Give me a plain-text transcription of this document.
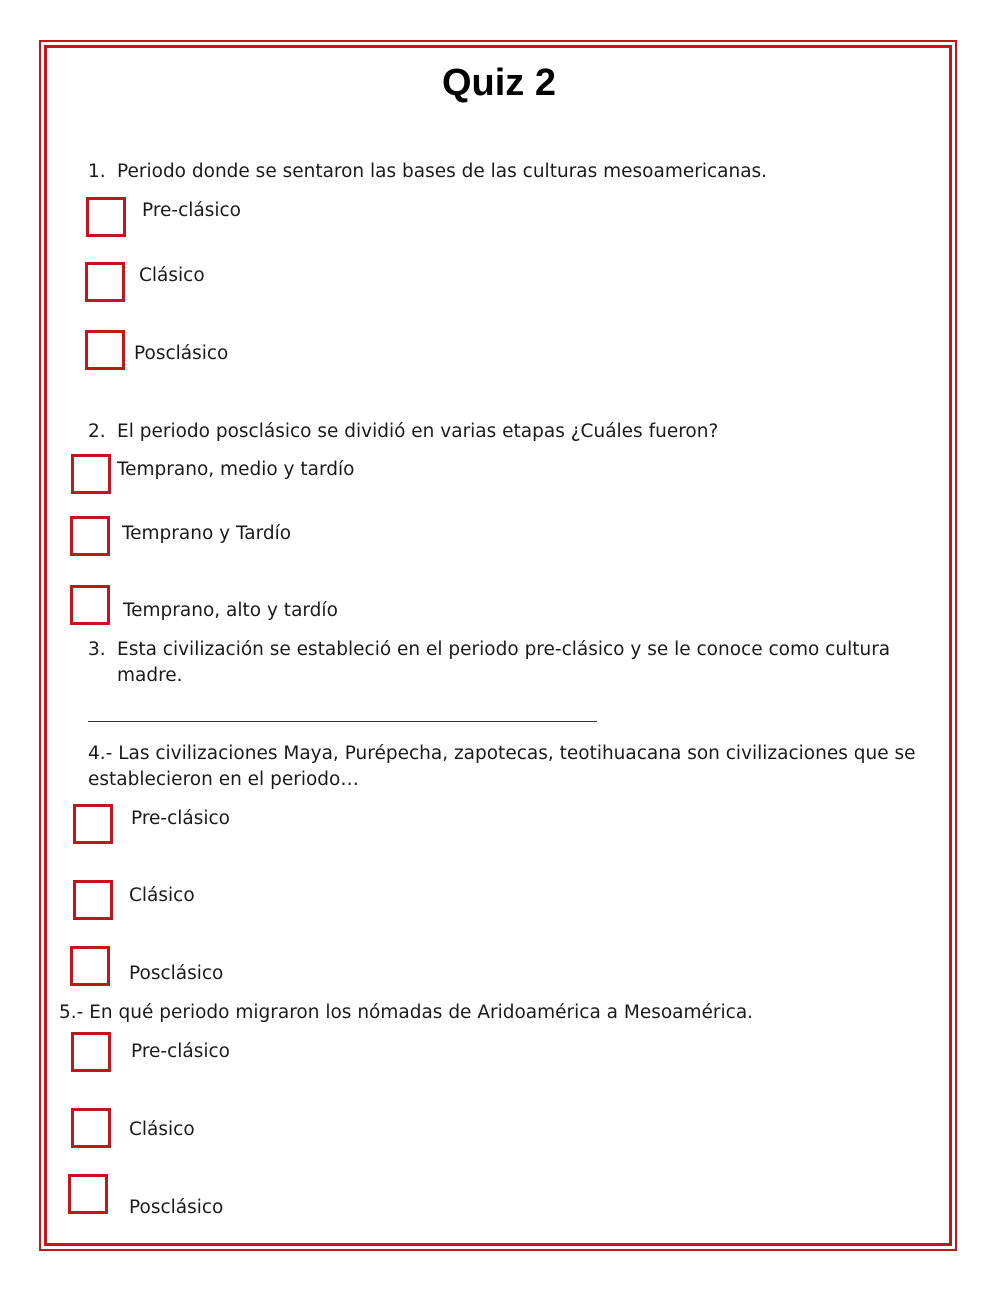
Quiz 2
1. Periodo donde se sentaron las bases de las culturas mesoamericanas.
Pre-clásico
Clásico
Posclásico
2. El periodo posclásico se dividió en varias etapas ¿Cuáles fueron?
Temprano, medio y tardío
Temprano y Tardío
Temprano, alto y tardío
3. Esta civilización se estableció en el periodo pre-clásico y se le conoce como cultura madre.
4.- Las civilizaciones Maya, Purépecha, zapotecas, teotihuacana son civilizaciones que se establecieron en el periodo…
Pre-clásico
Clásico
Posclásico
5.- En qué periodo migraron los nómadas de Aridoamérica a Mesoamérica.
Pre-clásico
Clásico
Posclásico
